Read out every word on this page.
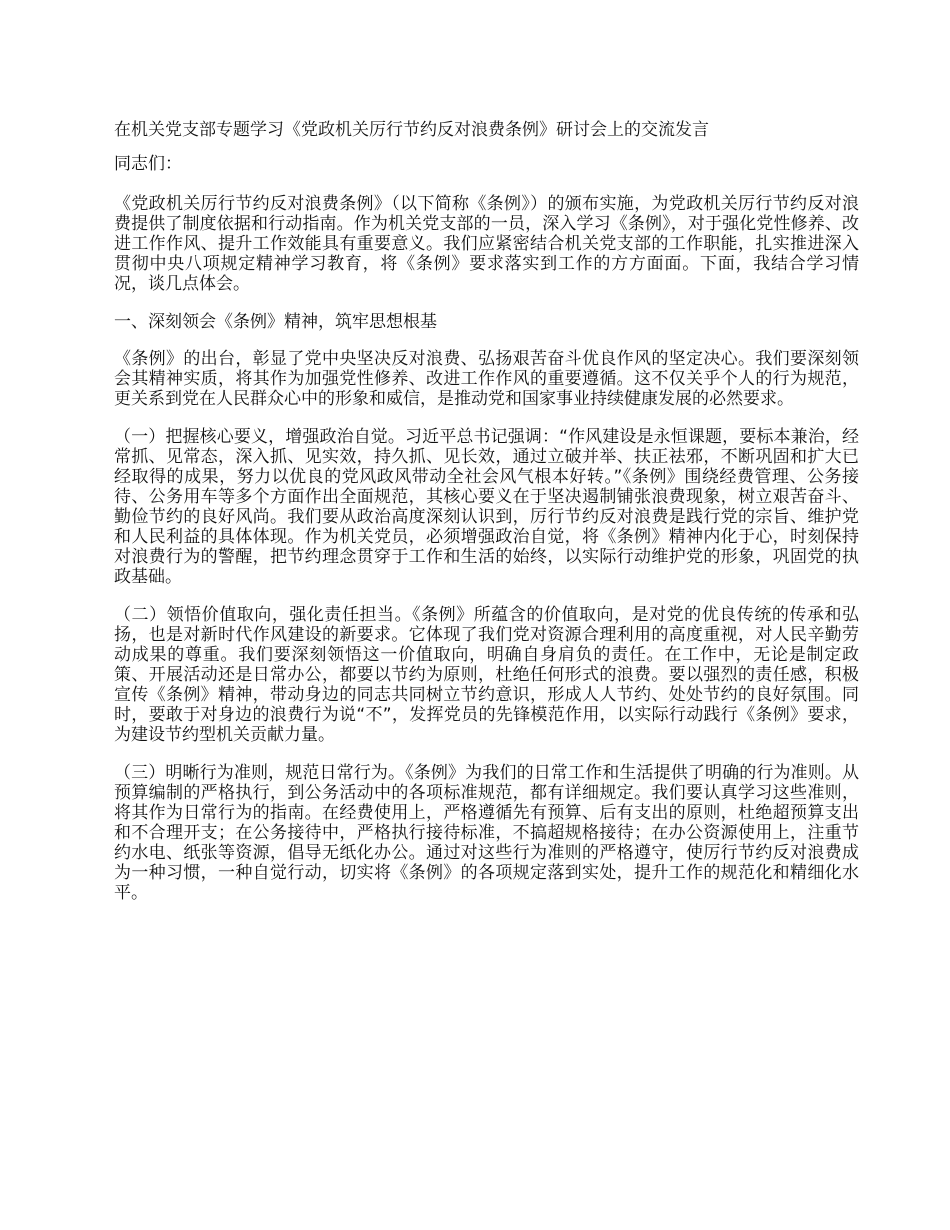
在机关党支部专题学习《党政机关厉行节约反对浪费条例》研讨会上的交流发言

同志们：

《党政机关厉行节约反对浪费条例》（以下简称《条例》）的颁布实施，为党政机关厉行节约反对浪费提供了制度依据和行动指南。作为机关党支部的一员，深入学习《条例》，对于强化党性修养、改进工作作风、提升工作效能具有重要意义。我们应紧密结合机关党支部的工作职能，扎实推进深入贯彻中央八项规定精神学习教育，将《条例》要求落实到工作的方方面面。下面，我结合学习情况，谈几点体会。

一、深刻领会《条例》精神，筑牢思想根基

《条例》的出台，彰显了党中央坚决反对浪费、弘扬艰苦奋斗优良作风的坚定决心。我们要深刻领会其精神实质，将其作为加强党性修养、改进工作作风的重要遵循。这不仅关乎个人的行为规范，更关系到党在人民群众心中的形象和威信，是推动党和国家事业持续健康发展的必然要求。

（一）把握核心要义，增强政治自觉。习近平总书记强调：“作风建设是永恒课题，要标本兼治，经常抓、见常态，深入抓、见实效，持久抓、见长效，通过立破并举、扶正祛邪，不断巩固和扩大已经取得的成果，努力以优良的党风政风带动全社会风气根本好转。”《条例》围绕经费管理、公务接待、公务用车等多个方面作出全面规范，其核心要义在于坚决遏制铺张浪费现象，树立艰苦奋斗、勤俭节约的良好风尚。我们要从政治高度深刻认识到，厉行节约反对浪费是践行党的宗旨、维护党和人民利益的具体体现。作为机关党员，必须增强政治自觉，将《条例》精神内化于心，时刻保持对浪费行为的警醒，把节约理念贯穿于工作和生活的始终，以实际行动维护党的形象，巩固党的执政基础。

（二）领悟价值取向，强化责任担当。《条例》所蕴含的价值取向，是对党的优良传统的传承和弘扬，也是对新时代作风建设的新要求。它体现了我们党对资源合理利用的高度重视，对人民辛勤劳动成果的尊重。我们要深刻领悟这一价值取向，明确自身肩负的责任。在工作中，无论是制定政策、开展活动还是日常办公，都要以节约为原则，杜绝任何形式的浪费。要以强烈的责任感，积极宣传《条例》精神，带动身边的同志共同树立节约意识，形成人人节约、处处节约的良好氛围。同时，要敢于对身边的浪费行为说“不”，发挥党员的先锋模范作用，以实际行动践行《条例》要求，为建设节约型机关贡献力量。

（三）明晰行为准则，规范日常行为。《条例》为我们的日常工作和生活提供了明确的行为准则。从预算编制的严格执行，到公务活动中的各项标准规范，都有详细规定。我们要认真学习这些准则，将其作为日常行为的指南。在经费使用上，严格遵循先有预算、后有支出的原则，杜绝超预算支出和不合理开支；在公务接待中，严格执行接待标准，不搞超规格接待；在办公资源使用上，注重节约水电、纸张等资源，倡导无纸化办公。通过对这些行为准则的严格遵守，使厉行节约反对浪费成为一种习惯，一种自觉行动，切实将《条例》的各项规定落到实处，提升工作的规范化和精细化水平。
